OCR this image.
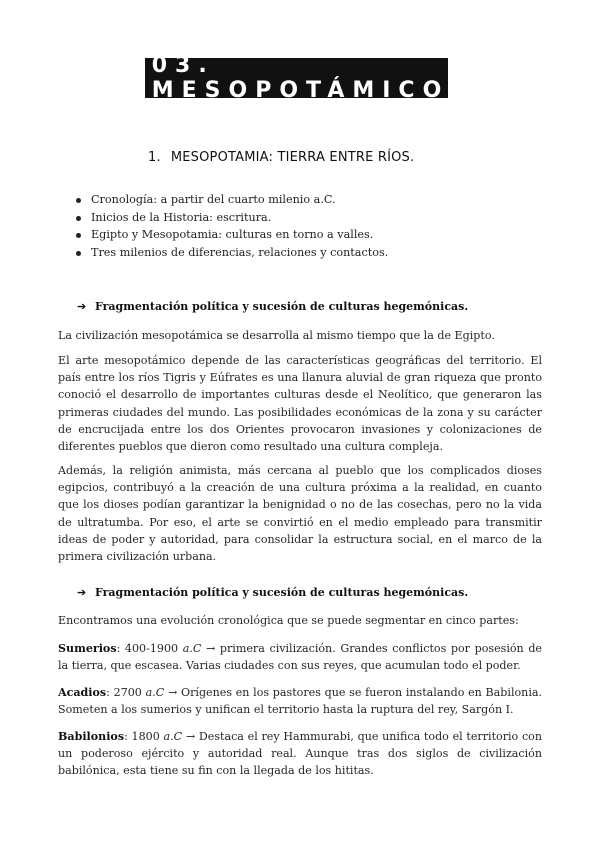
03. MESOPOTÁMICO
1. MESOPOTAMIA: TIERRA ENTRE RÍOS.
Cronología: a partir del cuarto milenio a.C.
Inicios de la Historia: escritura.
Egipto y Mesopotamia: culturas en torno a valles.
Tres milenios de diferencias, relaciones y contactos.
➔ Fragmentación política y sucesión de culturas hegemónicas.

La civilización mesopotámica se desarrolla al mismo tiempo que la de Egipto.

El arte mesopotámico depende de las características geográficas del territorio. El país entre los ríos Tigris y Eúfrates es una llanura aluvial de gran riqueza que pronto conoció el desarrollo de importantes culturas desde el Neolítico, que generaron las primeras ciudades del mundo. Las posibilidades económicas de la zona y su carácter de encrucijada entre los dos Orientes provocaron invasiones y colonizaciones de diferentes pueblos que dieron como resultado una cultura compleja.

Además, la religión animista, más cercana al pueblo que los complicados dioses egipcios, contribuyó a la creación de una cultura próxima a la realidad, en cuanto que los dioses podían garantizar la benignidad o no de las cosechas, pero no la vida de ultratumba. Por eso, el arte se convirtió en el medio empleado para transmitir ideas de poder y autoridad, para consolidar la estructura social, en el marco de la primera civilización urbana.

➔ Fragmentación política y sucesión de culturas hegemónicas.

Encontramos una evolución cronológica que se puede segmentar en cinco partes:

Sumerios: 400-1900 a.C → primera civilización. Grandes conflictos por posesión de la tierra, que escasea. Varias ciudades con sus reyes, que acumulan todo el poder.

Acadios: 2700 a.C → Orígenes en los pastores que se fueron instalando en Babilonia. Someten a los sumerios y unifican el territorio hasta la ruptura del rey, Sargón I.

Babilonios: 1800 a.C → Destaca el rey Hammurabi, que unifica todo el territorio con un poderoso ejército y autoridad real. Aunque tras dos siglos de civilización babilónica, esta tiene su fin con la llegada de los hititas.
